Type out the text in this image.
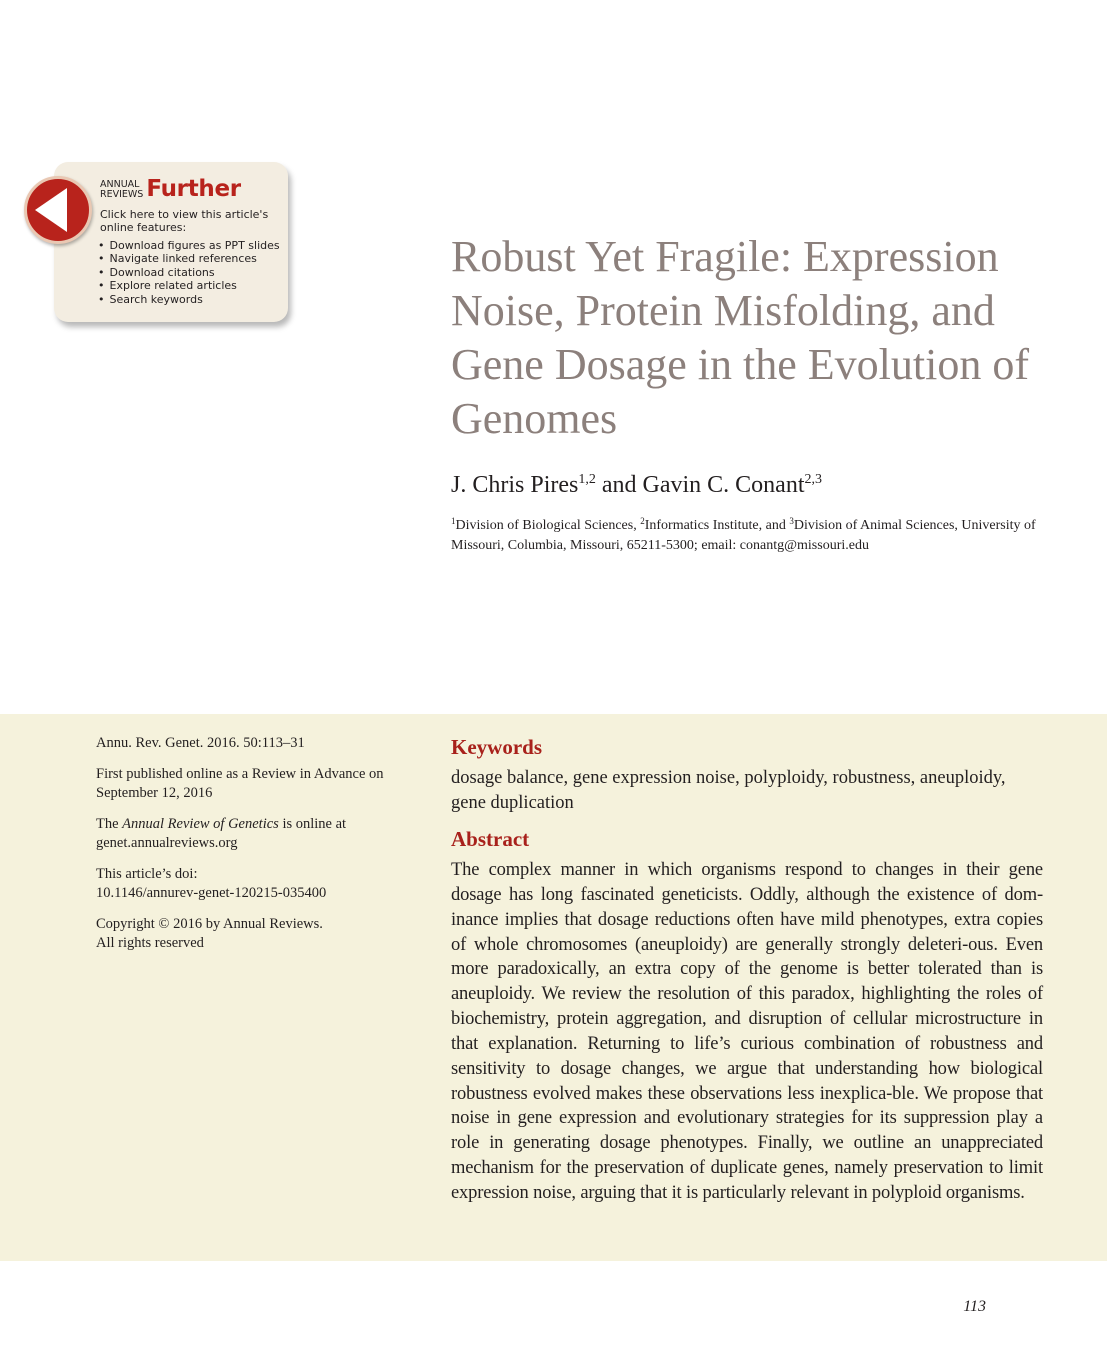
ANNUAL
REVIEWS Further
Click here to view this article's online features:
• Download figures as PPT slides
• Navigate linked references
• Download citations
• Explore related articles
• Search keywords
Robust Yet Fragile: Expression Noise, Protein Misfolding, and Gene Dosage in the Evolution of Genomes

J. Chris Pires$^{1,2}$ and Gavin C. Conant$^{2,3}$

$^1$Division of Biological Sciences, $^2$Informatics Institute, and $^3$Division of Animal Sciences, University of Missouri, Columbia, Missouri, 65211-5300; email: conantg@missouri.edu

Annu. Rev. Genet. 2016. 50:113–31

First published online as a Review in Advance on September 12, 2016

The Annual Review of Genetics is online at genet.annualreviews.org

This article’s doi:
10.1146/annurev-genet-120215-035400

Copyright © 2016 by Annual Reviews.
All rights reserved

Keywords

dosage balance, gene expression noise, polyploidy, robustness, aneuploidy, gene duplication

Abstract

The complex manner in which organisms respond to changes in their gene dosage has long fascinated geneticists. Oddly, although the existence of dom-inance implies that dosage reductions often have mild phenotypes, extra copies of whole chromosomes (aneuploidy) are generally strongly deleteri-ous. Even more paradoxically, an extra copy of the genome is better tolerated than is aneuploidy. We review the resolution of this paradox, highlighting the roles of biochemistry, protein aggregation, and disruption of cellular microstructure in that explanation. Returning to life’s curious combination of robustness and sensitivity to dosage changes, we argue that understanding how biological robustness evolved makes these observations less inexplica-ble. We propose that noise in gene expression and evolutionary strategies for its suppression play a role in generating dosage phenotypes. Finally, we outline an unappreciated mechanism for the preservation of duplicate genes, namely preservation to limit expression noise, arguing that it is particularly relevant in polyploid organisms.

113
